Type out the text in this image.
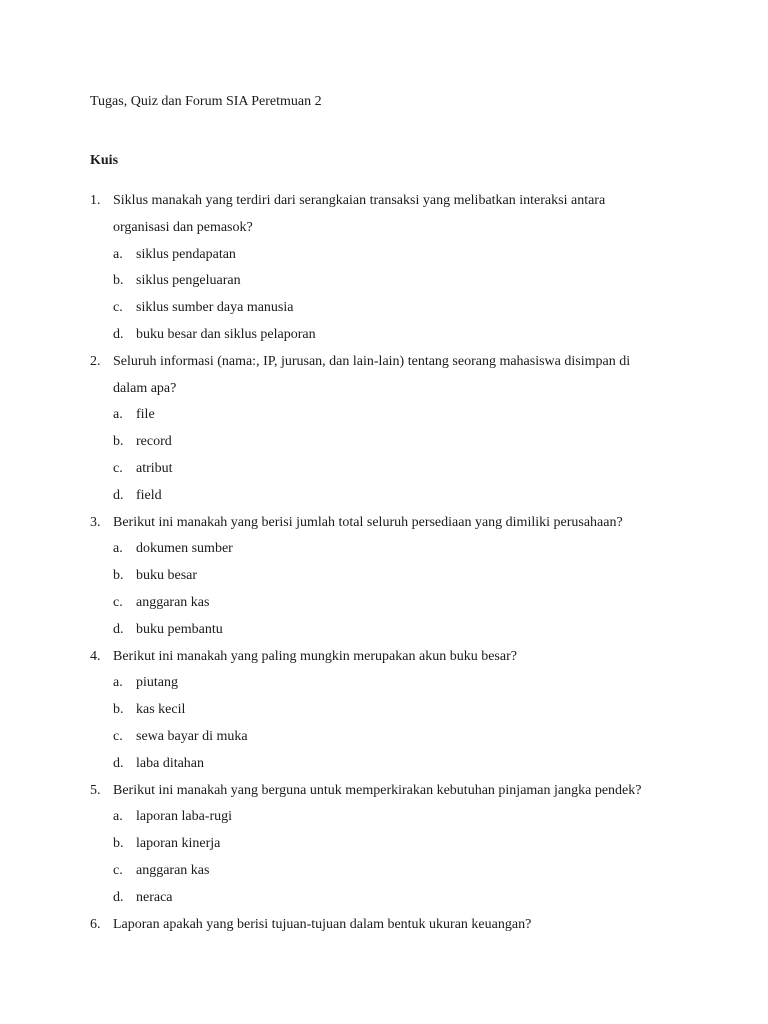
Tugas, Quiz dan Forum SIA Peretmuan 2
Kuis
1. Siklus manakah yang terdiri dari serangkaian transaksi yang melibatkan interaksi antara
organisasi dan pemasok?
a. siklus pendapatan
b. siklus pengeluaran
c. siklus sumber daya manusia
d. buku besar dan siklus pelaporan
2. Seluruh informasi (nama:, IP, jurusan, dan lain-lain) tentang seorang mahasiswa disimpan di
dalam apa?
a. file
b. record
c. atribut
d. field
3. Berikut ini manakah yang berisi jumlah total seluruh persediaan yang dimiliki perusahaan?
a. dokumen sumber
b. buku besar
c. anggaran kas
d. buku pembantu
4. Berikut ini manakah yang paling mungkin merupakan akun buku besar?
a. piutang
b. kas kecil
c. sewa bayar di muka
d. laba ditahan
5. Berikut ini manakah yang berguna untuk memperkirakan kebutuhan pinjaman jangka pendek?
a. laporan laba-rugi
b. laporan kinerja
c. anggaran kas
d. neraca
6. Laporan apakah yang berisi tujuan-tujuan dalam bentuk ukuran keuangan?
